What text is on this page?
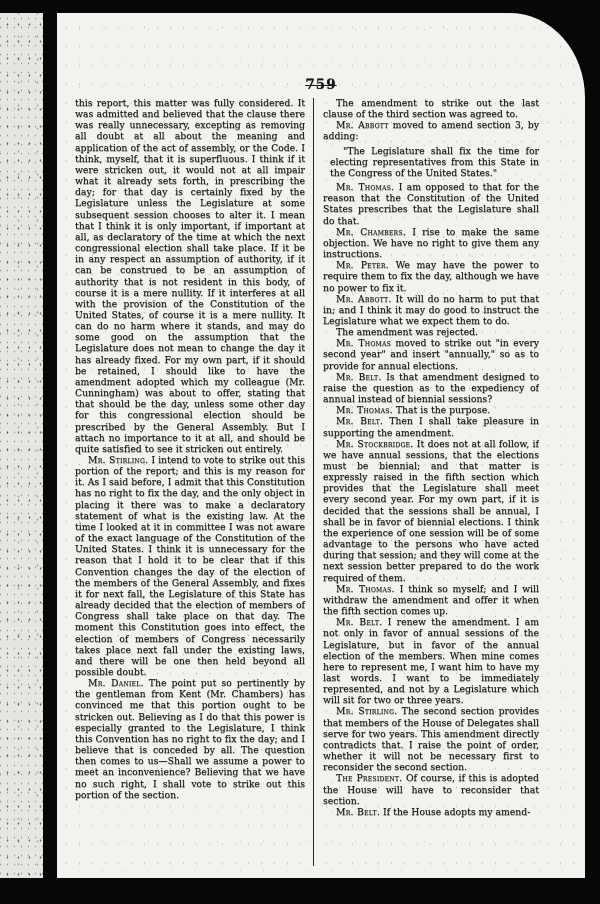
759

this report, this matter was fully considered. It was admitted and believed that the clause there was really unnecessary, excepting as removing all doubt at all about the meaning and application of the act of assembly, or the Code. I think, myself, that it is superfluous. I think if it were stricken out, it would not at all impair what it already sets forth, in prescribing the day; for that day is certainly fixed by the Legislature unless the Legislature at some subsequent session chooses to alter it. I mean that I think it is only important, if important at all, as declaratory of the time at which the next congressional election shall take place. If it be in any respect an assumption of authority, if it can be construed to be an assumption of authority that is not resident in this body, of course it is a mere nullity. If it interferes at all with the provision of the Constitution of the United States, of course it is a mere nullity. It can do no harm where it stands, and may do some good on the assumption that the Legislature does not mean to change the day it has already fixed. For my own part, if it should be retained, I should like to have the amendment adopted which my colleague (Mr. Cunningham) was about to offer, stating that that should be the day, unless some other day for this congressional election should be prescribed by the General Assembly. But I attach no importance to it at all, and should be quite satisfied to see it stricken out entirely.

Mr. Stirling. I intend to vote to strike out this portion of the report; and this is my reason for it. As I said before, I admit that this Constitution has no right to fix the day, and the only object in placing it there was to make a declaratory statement of what is the existing law. At the time I looked at it in committee I was not aware of the exact language of the Constitution of the United States. I think it is unnecessary for the reason that I hold it to be clear that if this Convention changes the day of the election of the members of the General Assembly, and fixes it for next fall, the Legislature of this State has already decided that the election of members of Congress shall take place on that day. The moment this Constitution goes into effect, the election of members of Congress necessarily takes place next fall under the existing laws, and there will be one then held beyond all possible doubt.

Mr. Daniel. The point put so pertinently by the gentleman from Kent (Mr. Chambers) has convinced me that this portion ought to be stricken out. Believing as I do that this power is especially granted to the Legislature, I think this Convention has no right to fix the day; and I believe that is conceded by all. The question then comes to us—Shall we assume a power to meet an inconvenience? Believing that we have no such right, I shall vote to strike out this portion of the section.

The amendment to strike out the last clause of the third section was agreed to.

Mr. Abbott moved to amend section 3, by adding:

"The Legislature shall fix the time for electing representatives from this State in the Congress of the United States."

Mr. Thomas. I am opposed to that for the reason that the Constitution of the United States prescribes that the Legislature shall do that.

Mr. Chambers. I rise to make the same objection. We have no right to give them any instructions.

Mr. Peter. We may have the power to require them to fix the day, although we have no power to fix it.

Mr. Abbott. It will do no harm to put that in; and I think it may do good to instruct the Legislature what we expect them to do.

The amendment was rejected.

Mr. Thomas moved to strike out "in every second year" and insert "annually," so as to provide for annual elections.

Mr. Belt. Is that amendment designed to raise the question as to the expediency of annual instead of biennial sessions?

Mr. Thomas. That is the purpose.

Mr. Belt. Then I shall take pleasure in supporting the amendment.

Mr. Stockbridge. It does not at all follow, if we have annual sessions, that the elections must be biennial; and that matter is expressly raised in the fifth section which provides that the Legislature shall meet every second year. For my own part, if it is decided that the sessions shall be annual, I shall be in favor of biennial elections. I think the experience of one session will be of some advantage to the persons who have acted during that session; and they will come at the next session better prepared to do the work required of them.

Mr. Thomas. I think so myself; and I will withdraw the amendment and offer it when the fifth section comes up.

Mr. Belt. I renew the amendment. I am not only in favor of annual sessions of the Legislature, but in favor of the annual election of the members. When mine comes here to represent me, I want him to have my last words. I want to be immediately represented, and not by a Legislature which will sit for two or three years.

Mr. Stirling. The second section provides that members of the House of Delegates shall serve for two years. This amendment directly contradicts that. I raise the point of order, whether it will not be necessary first to reconsider the second section.

The President. Of course, if this is adopted the House will have to reconsider that section.

Mr. Belt. If the House adopts my amend-
